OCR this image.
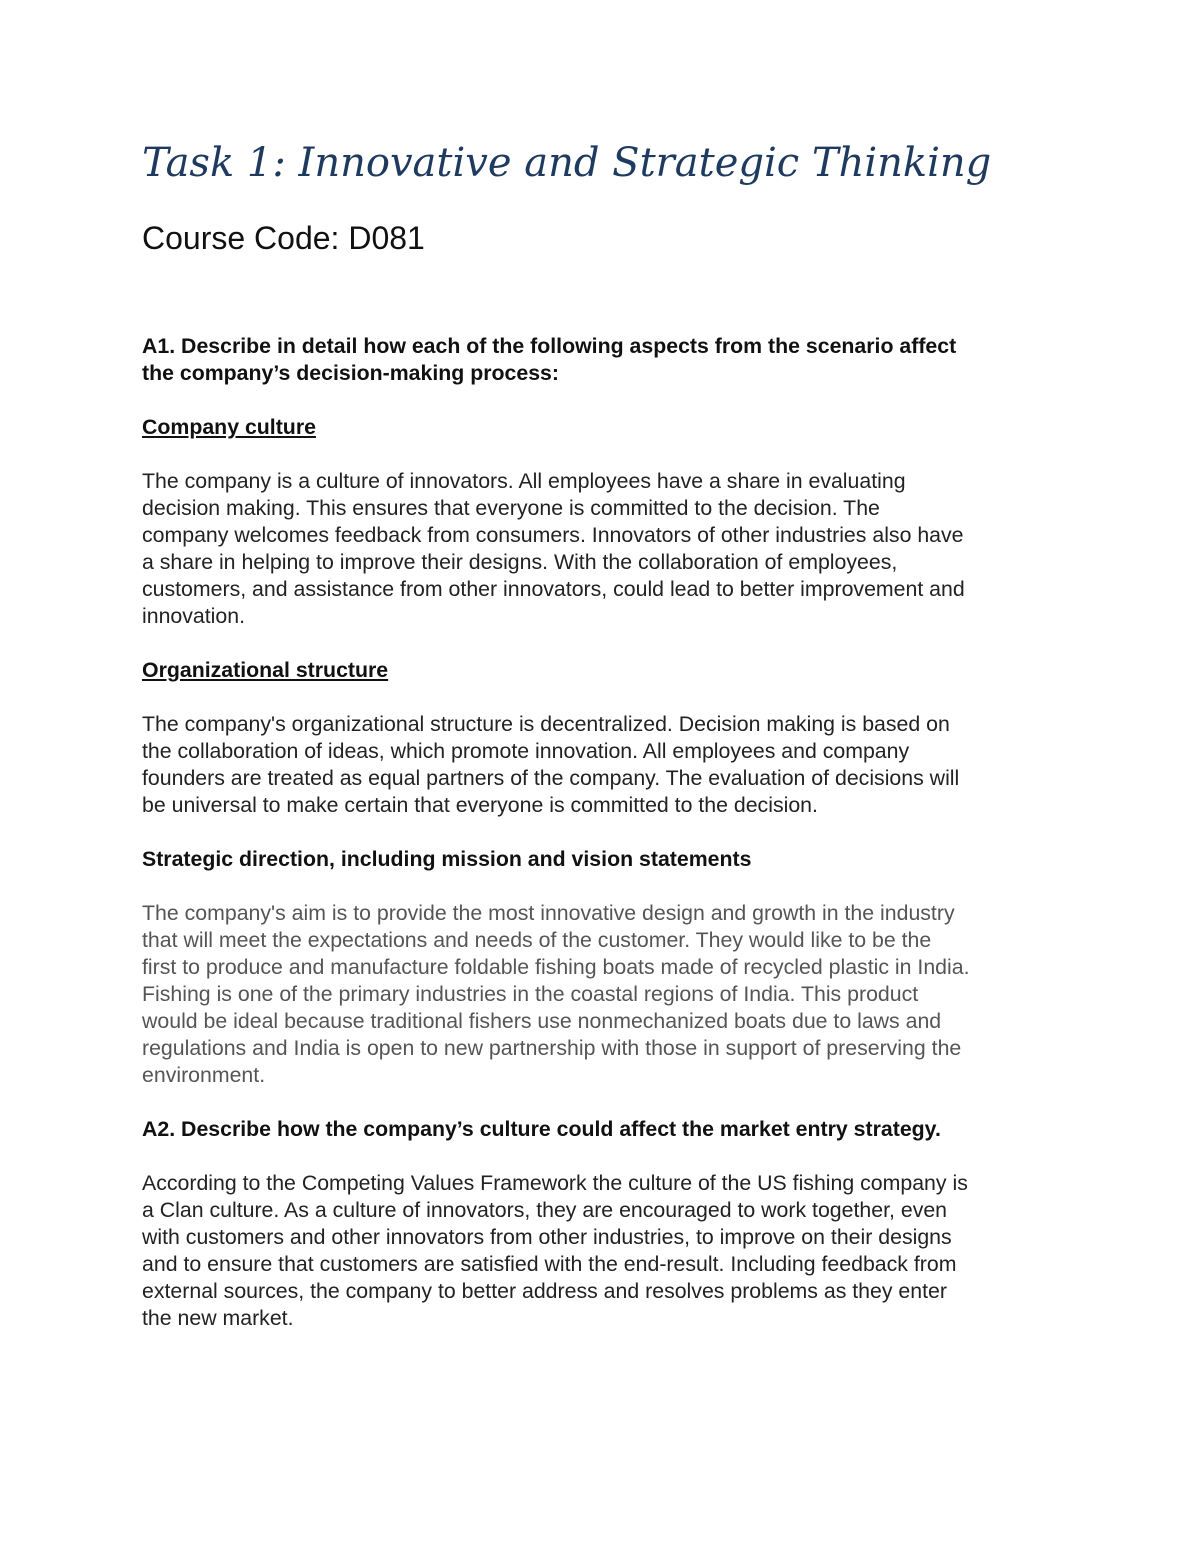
Task 1: Innovative and Strategic Thinking
Course Code: D081

A1. Describe in detail how each of the following aspects from the scenario affect
the company’s decision-making process:

Company culture

The company is a culture of innovators. All employees have a share in evaluating
decision making. This ensures that everyone is committed to the decision. The
company welcomes feedback from consumers. Innovators of other industries also have
a share in helping to improve their designs. With the collaboration of employees,
customers, and assistance from other innovators, could lead to better improvement and
innovation.

Organizational structure

The company's organizational structure is decentralized. Decision making is based on
the collaboration of ideas, which promote innovation. All employees and company
founders are treated as equal partners of the company. The evaluation of decisions will
be universal to make certain that everyone is committed to the decision.

Strategic direction, including mission and vision statements

The company's aim is to provide the most innovative design and growth in the industry
that will meet the expectations and needs of the customer. They would like to be the
first to produce and manufacture foldable fishing boats made of recycled plastic in India.
Fishing is one of the primary industries in the coastal regions of India. This product
would be ideal because traditional fishers use nonmechanized boats due to laws and
regulations and India is open to new partnership with those in support of preserving the
environment.

A2. Describe how the company’s culture could affect the market entry strategy.

According to the Competing Values Framework the culture of the US fishing company is
a Clan culture. As a culture of innovators, they are encouraged to work together, even
with customers and other innovators from other industries, to improve on their designs
and to ensure that customers are satisfied with the end-result. Including feedback from
external sources, the company to better address and resolves problems as they enter
the new market.
